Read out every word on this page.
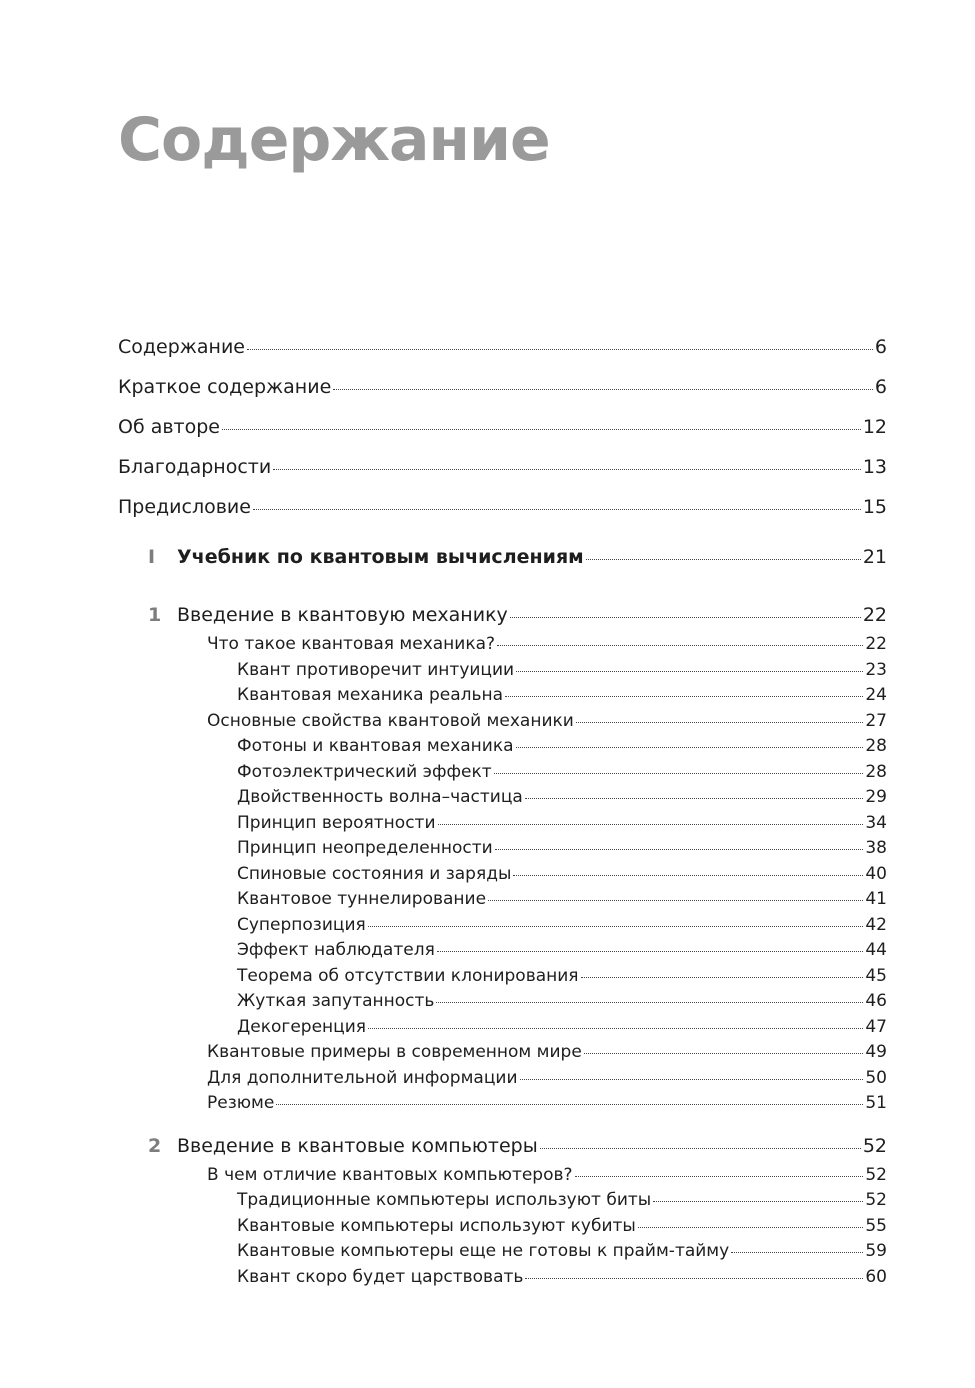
Содержание
Содержание	6
Краткое содержание	6
Об авторе	12
Благодарности	13
Предисловие	15
I	Учебник по квантовым вычислениям	21
1 Введение в квантовую механику	22
Что такое квантовая механика?	22
Квант противоречит интуиции	23
Квантовая механика реальна	24
Основные свойства квантовой механики	27
Фотоны и квантовая механика	28
Фотоэлектрический эффект	28
Двойственность волна–частица	29
Принцип вероятности	34
Принцип неопределенности	38
Спиновые состояния и заряды	40
Квантовое туннелирование	41
Суперпозиция	42
Эффект наблюдателя	44
Теорема об отсутствии клонирования	45
Жуткая запутанность	46
Декогеренция	47
Квантовые примеры в современном мире	49
Для дополнительной информации	50
Резюме	51
2 Введение в квантовые компьютеры	52
В чем отличие квантовых компьютеров?	52
Традиционные компьютеры используют биты	52
Квантовые компьютеры используют кубиты	55
Квантовые компьютеры еще не готовы к прайм-тайму	59
Квант скоро будет царствовать	60
